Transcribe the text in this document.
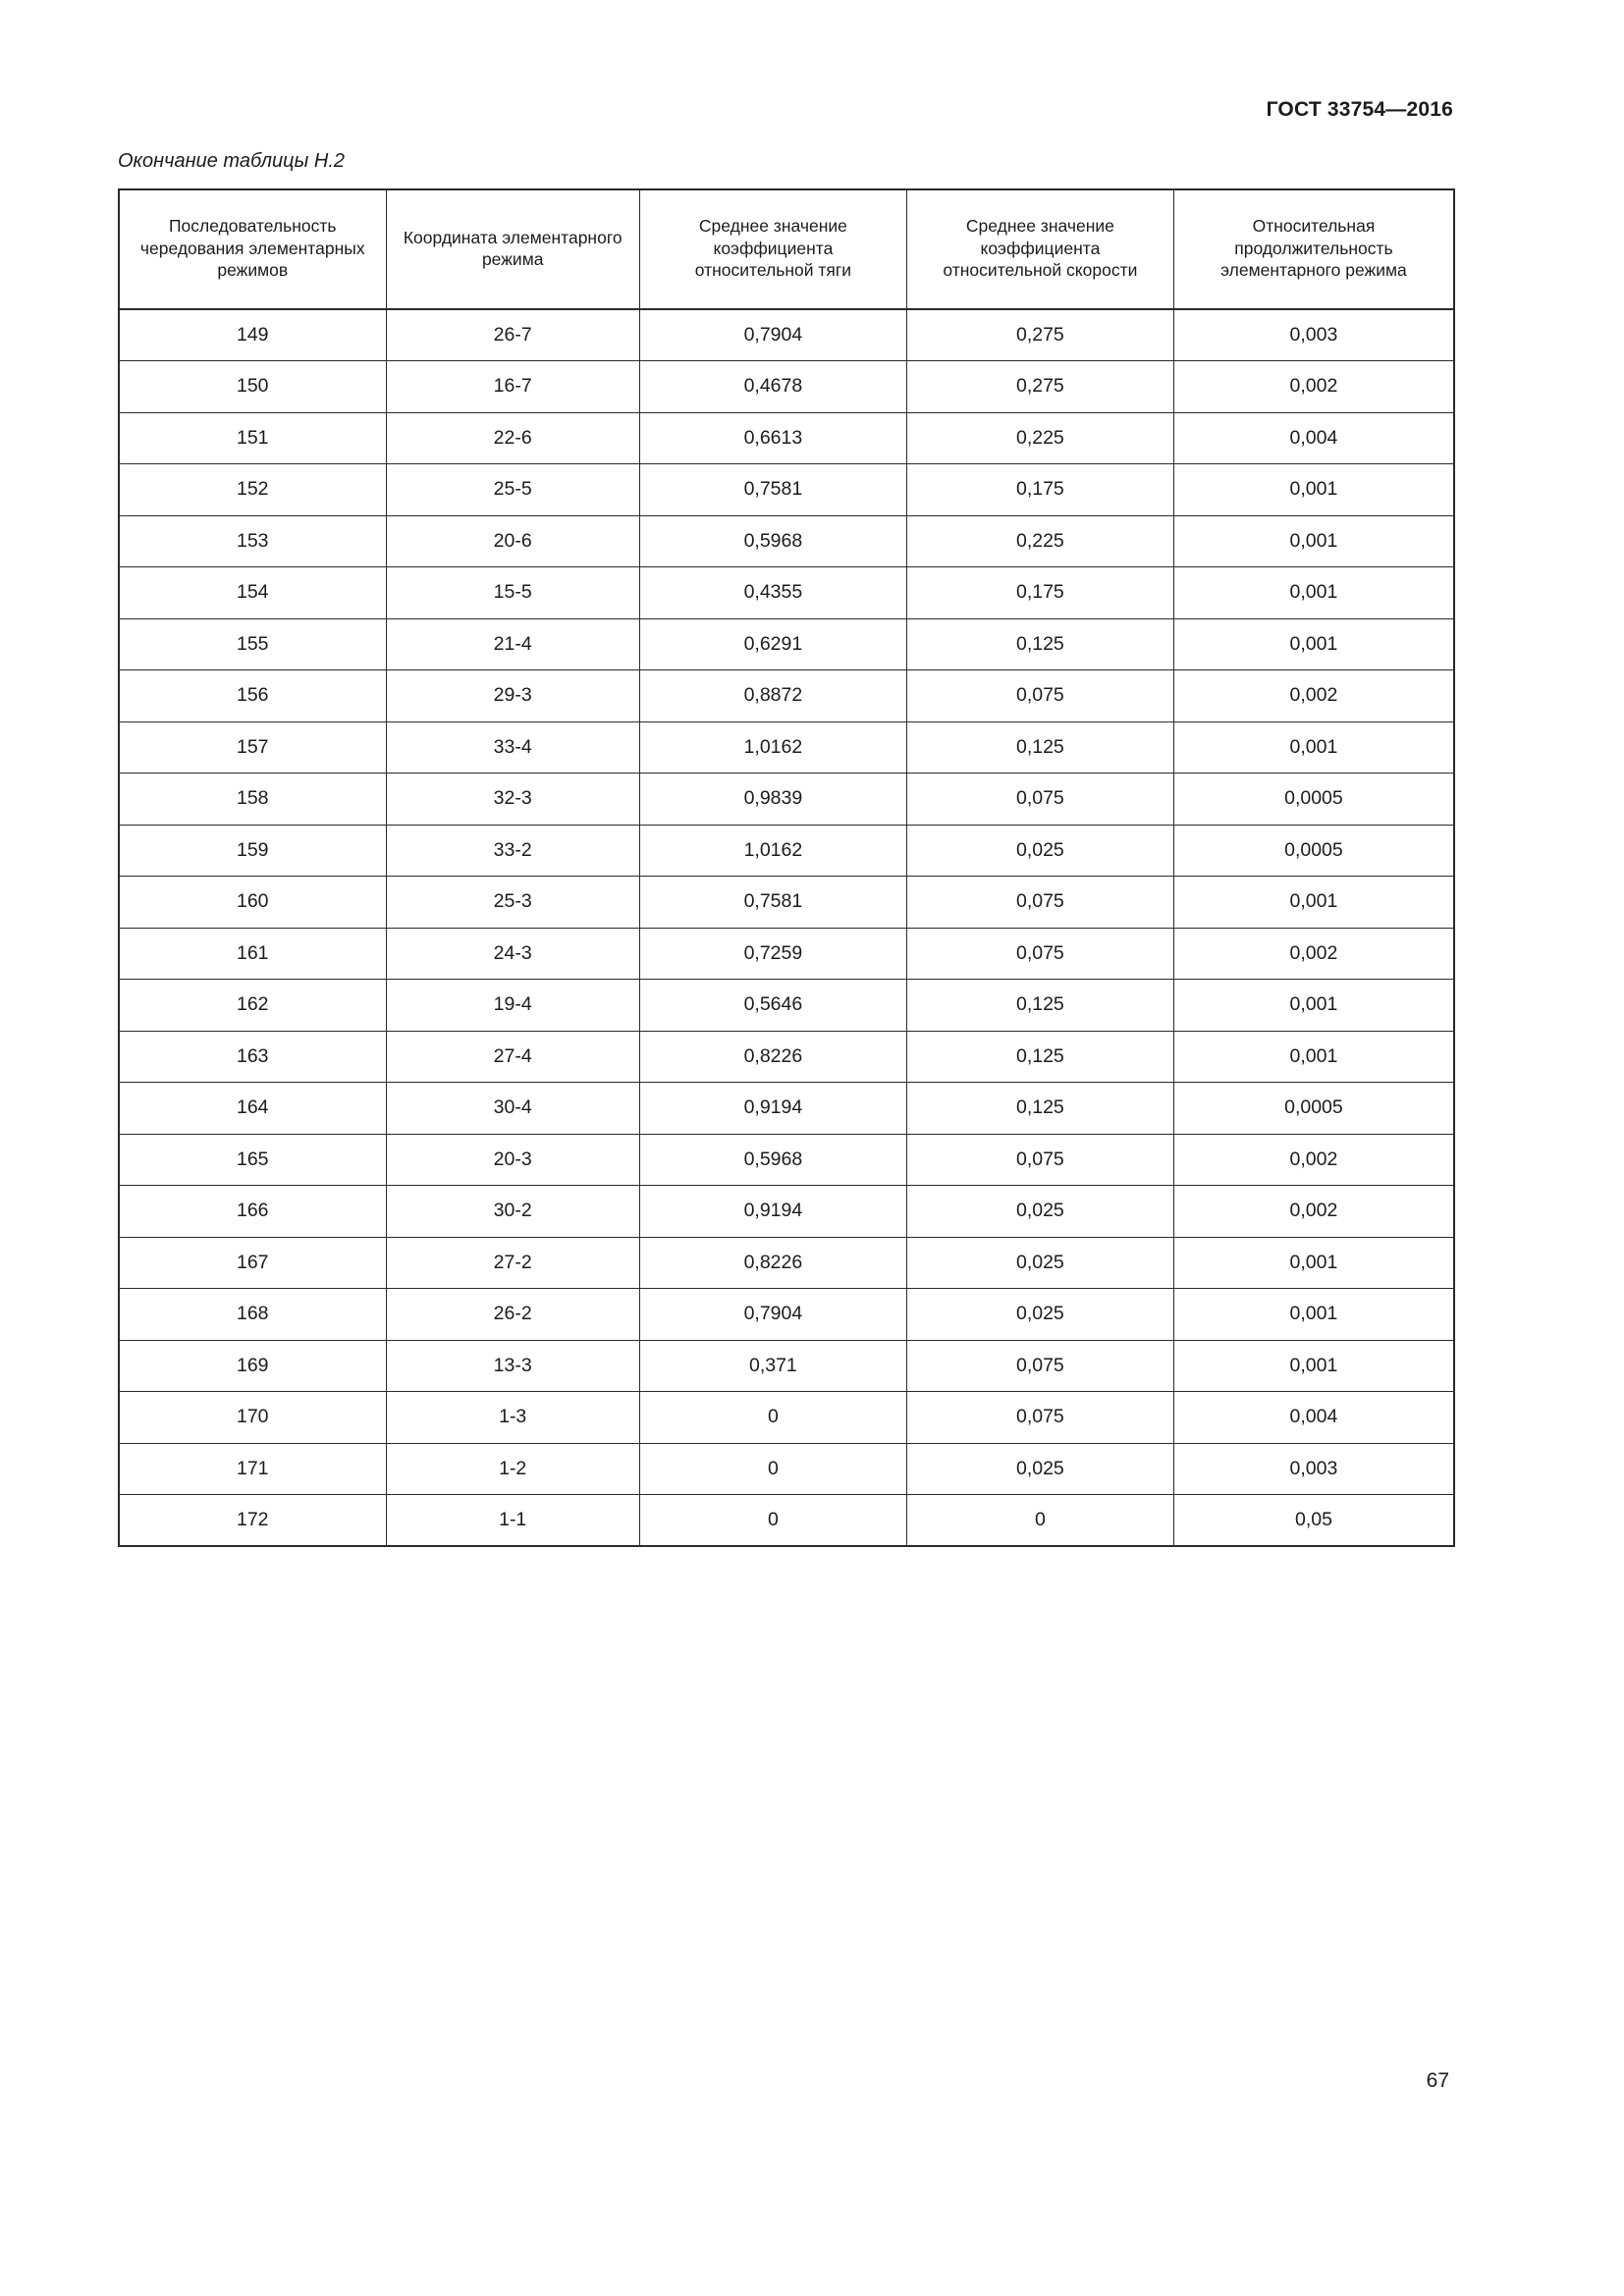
ГОСТ 33754—2016
Окончание таблицы Н.2
Последовательность чередования элементарных режимов	Координата элементарного режима	Среднее значение коэффициента относительной тяги	Среднее значение коэффициента относительной скорости	Относительная продолжительность элементарного режима
149	26-7	0,7904	0,275	0,003
150	16-7	0,4678	0,275	0,002
151	22-6	0,6613	0,225	0,004
152	25-5	0,7581	0,175	0,001
153	20-6	0,5968	0,225	0,001
154	15-5	0,4355	0,175	0,001
155	21-4	0,6291	0,125	0,001
156	29-3	0,8872	0,075	0,002
157	33-4	1,0162	0,125	0,001
158	32-3	0,9839	0,075	0,0005
159	33-2	1,0162	0,025	0,0005
160	25-3	0,7581	0,075	0,001
161	24-3	0,7259	0,075	0,002
162	19-4	0,5646	0,125	0,001
163	27-4	0,8226	0,125	0,001
164	30-4	0,9194	0,125	0,0005
165	20-3	0,5968	0,075	0,002
166	30-2	0,9194	0,025	0,002
167	27-2	0,8226	0,025	0,001
168	26-2	0,7904	0,025	0,001
169	13-3	0,371	0,075	0,001
170	1-3	0	0,075	0,004
171	1-2	0	0,025	0,003
172	1-1	0	0	0,05
67
